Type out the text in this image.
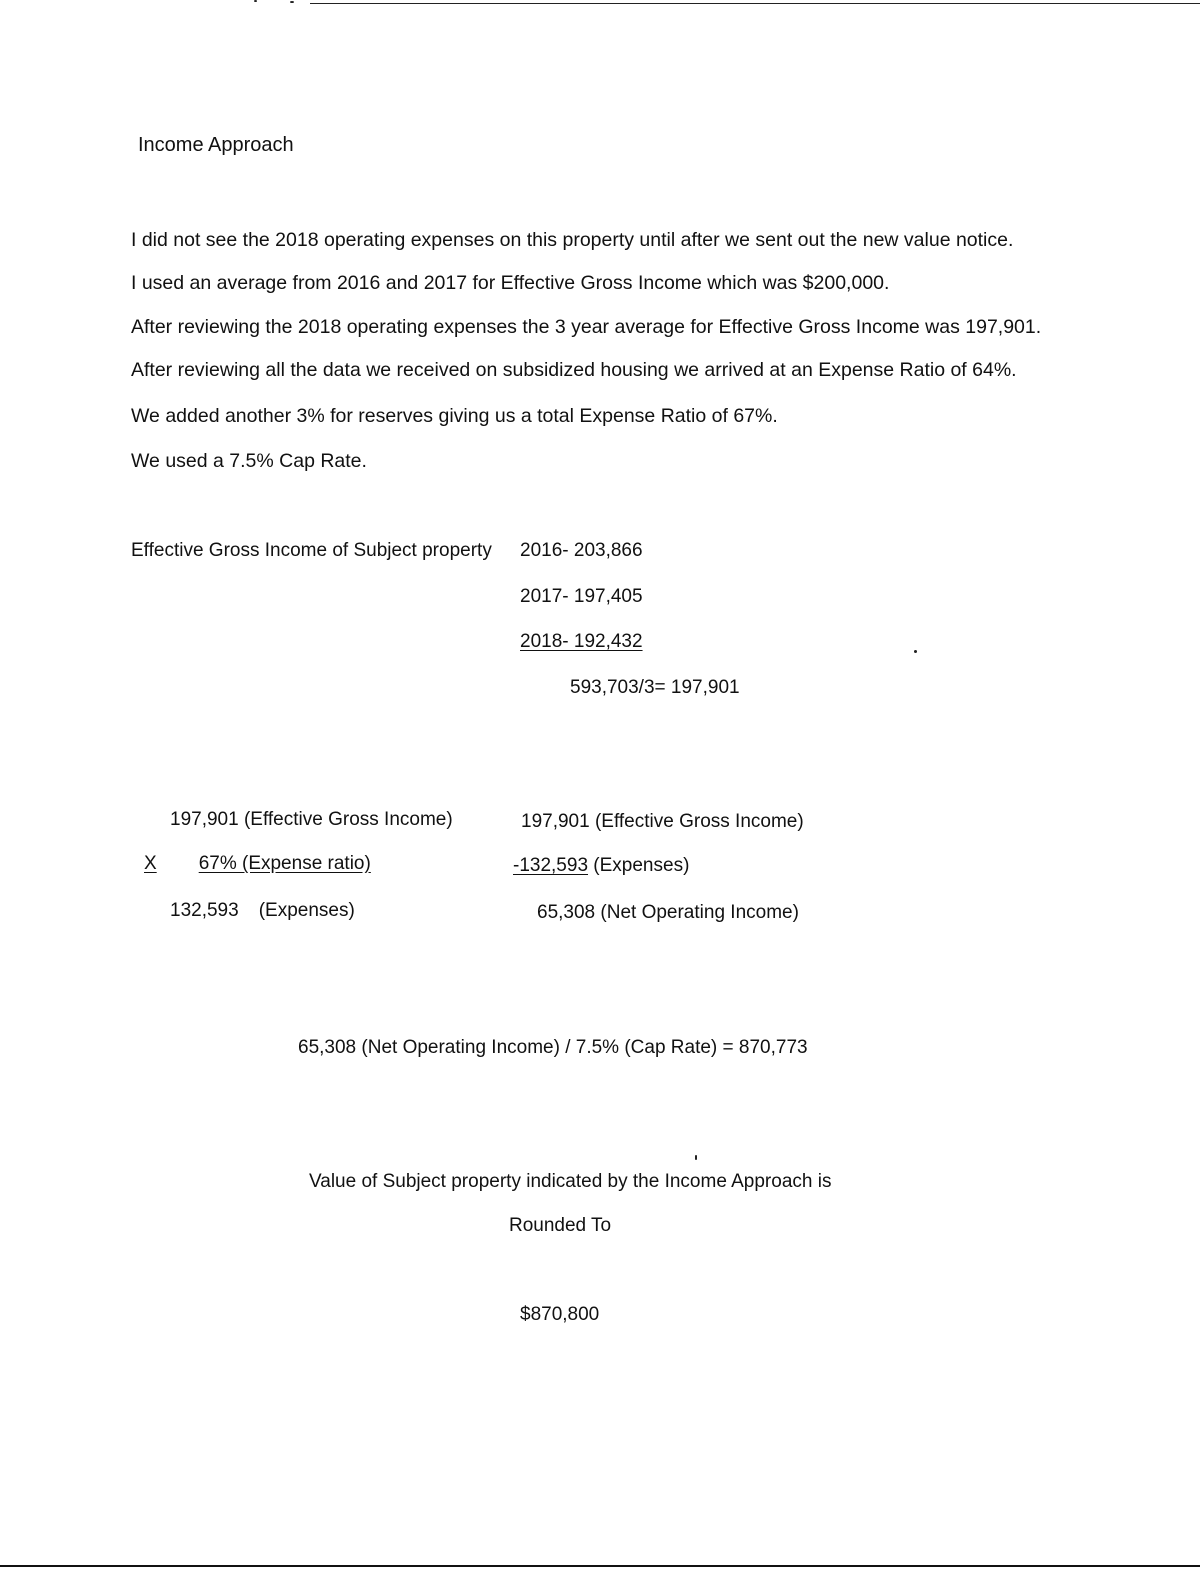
Income Approach
I did not see the 2018 operating expenses on this property until after we sent out the new value notice.
I used an average from 2016 and 2017 for Effective Gross Income which was $200,000.
After reviewing the 2018 operating expenses the 3 year average for Effective Gross Income was 197,901.
After reviewing all the data we received on subsidized housing we arrived at an Expense Ratio of 64%.
We added another 3% for reserves giving us a total Expense Ratio of 67%.
We used a 7.5% Cap Rate.
Effective Gross Income of Subject property 2016- 203,866
2017- 197,405
2018- 192,432
593,703/3= 197,901
197,901 (Effective Gross Income)
X 67% (Expense ratio)
132,593 (Expenses)
197,901 (Effective Gross Income)
-132,593 (Expenses)
65,308 (Net Operating Income)
65,308 (Net Operating Income) / 7.5% (Cap Rate) = 870,773
Value of Subject property indicated by the Income Approach is
Rounded To
$870,800
